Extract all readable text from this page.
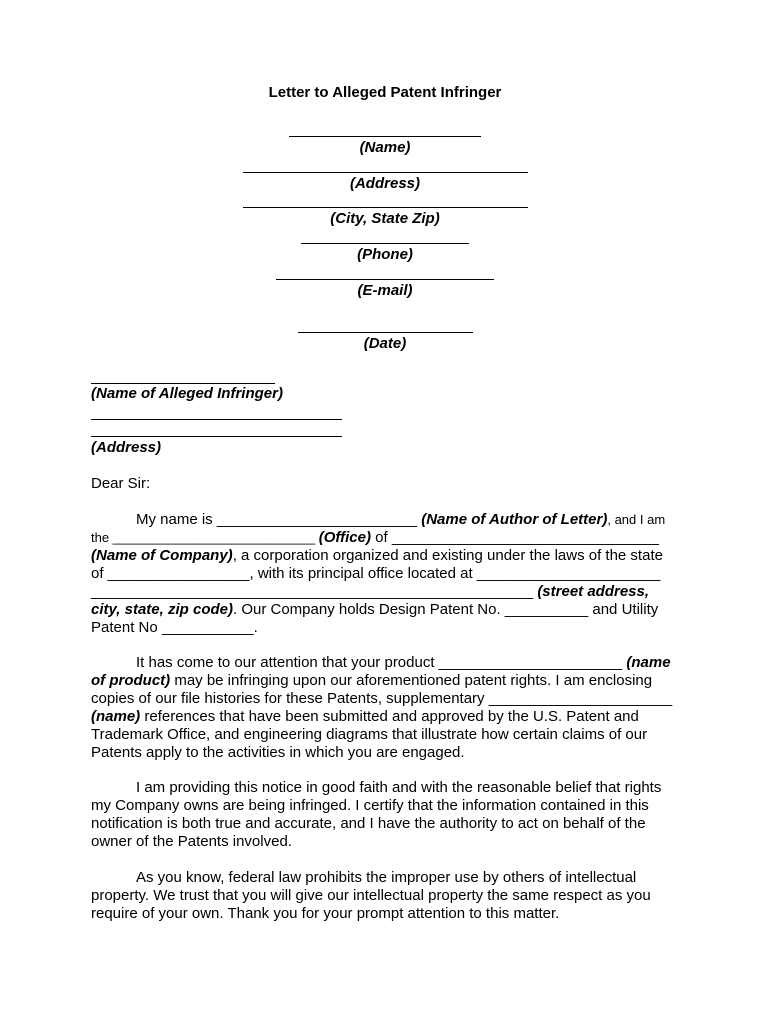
Letter to Alleged Patent Infringer
(Name)
(Address)
(City, State Zip)
(Phone)
(E-mail)
(Date)
(Name of Alleged Infringer)
(Address)
Dear Sir:
My name is ________________________ (Name of Author of Letter), and I am
the ____________________________ (Office) of ________________________________
(Name of Company), a corporation organized and existing under the laws of the state
of _________________, with its principal office located at ______________________
_____________________________________________________ (street address,
city, state, zip code). Our Company holds Design Patent No. __________ and Utility
Patent No ___________.
It has come to our attention that your product ______________________ (name
of product) may be infringing upon our aforementioned patent rights. I am enclosing
copies of our file histories for these Patents, supplementary ______________________
(name) references that have been submitted and approved by the U.S. Patent and
Trademark Office, and engineering diagrams that illustrate how certain claims of our
Patents apply to the activities in which you are engaged.
I am providing this notice in good faith and with the reasonable belief that rights
my Company owns are being infringed. I certify that the information contained in this
notification is both true and accurate, and I have the authority to act on behalf of the
owner of the Patents involved.
As you know, federal law prohibits the improper use by others of intellectual
property. We trust that you will give our intellectual property the same respect as you
require of your own. Thank you for your prompt attention to this matter.
